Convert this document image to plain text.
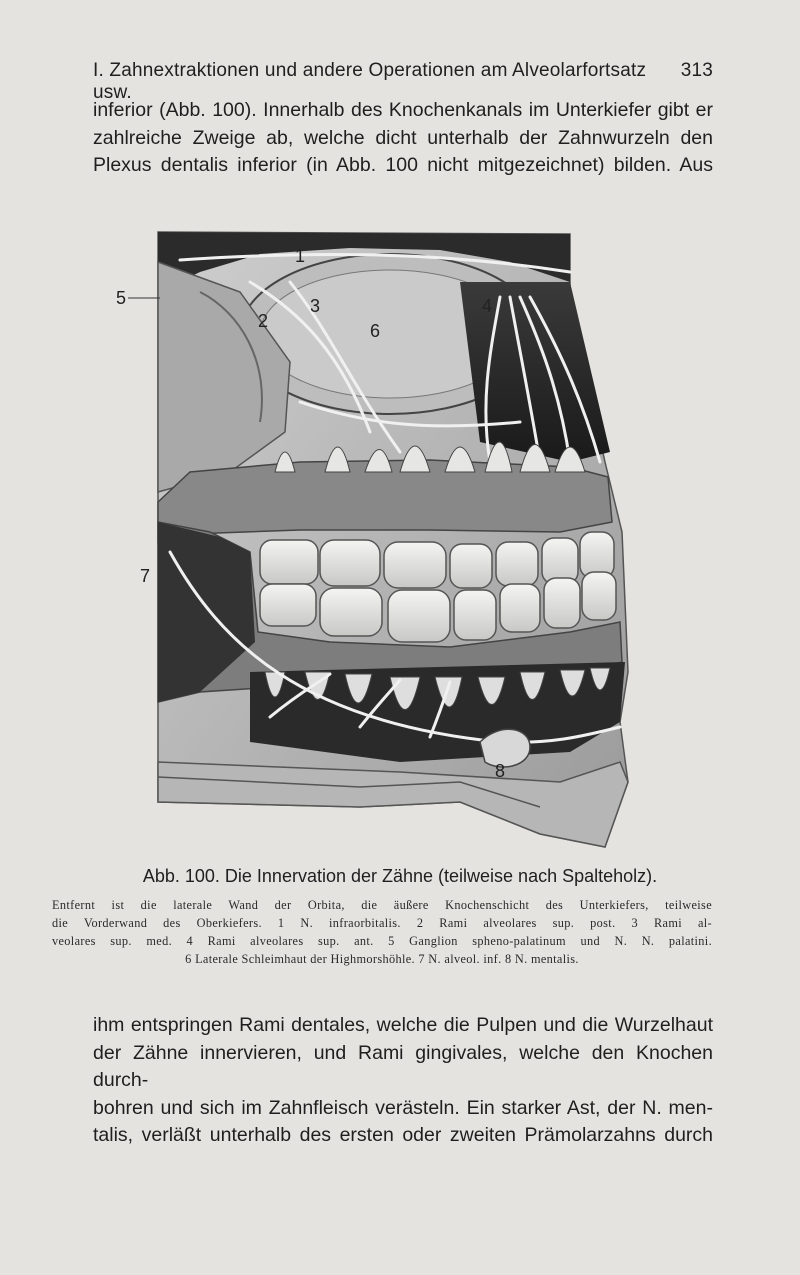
I. Zahnextraktionen und andere Operationen am Alveolarfortsatz usw.
313
inferior (Abb. 100). Innerhalb des Knochenkanals im Unterkiefer gibt er
zahlreiche Zweige ab, welche dicht unterhalb der Zahnwurzeln den
Plexus dentalis inferior (in Abb. 100 nicht mitgezeichnet) bilden. Aus
1
2
3	4
5
6
7
8
Abb. 100. Die Innervation der Zähne (teilweise nach Spalteholz).
Entfernt ist die laterale Wand der Orbita, die äußere Knochenschicht des Unterkiefers, teilweise
die Vorderwand des Oberkiefers. 1 N. infraorbitalis. 2 Rami alveolares sup. post. 3 Rami al-
veolares sup. med. 4 Rami alveolares sup. ant. 5 Ganglion spheno-palatinum und N. N. palatini.
6 Laterale Schleimhaut der Highmorshöhle. 7 N. alveol. inf. 8 N. mentalis.
ihm entspringen Rami dentales, welche die Pulpen und die Wurzelhaut
der Zähne innervieren, und Rami gingivales, welche den Knochen durch-
bohren und sich im Zahnfleisch verästeln. Ein starker Ast, der N. men-
talis, verläßt unterhalb des ersten oder zweiten Prämolarzahns durch
